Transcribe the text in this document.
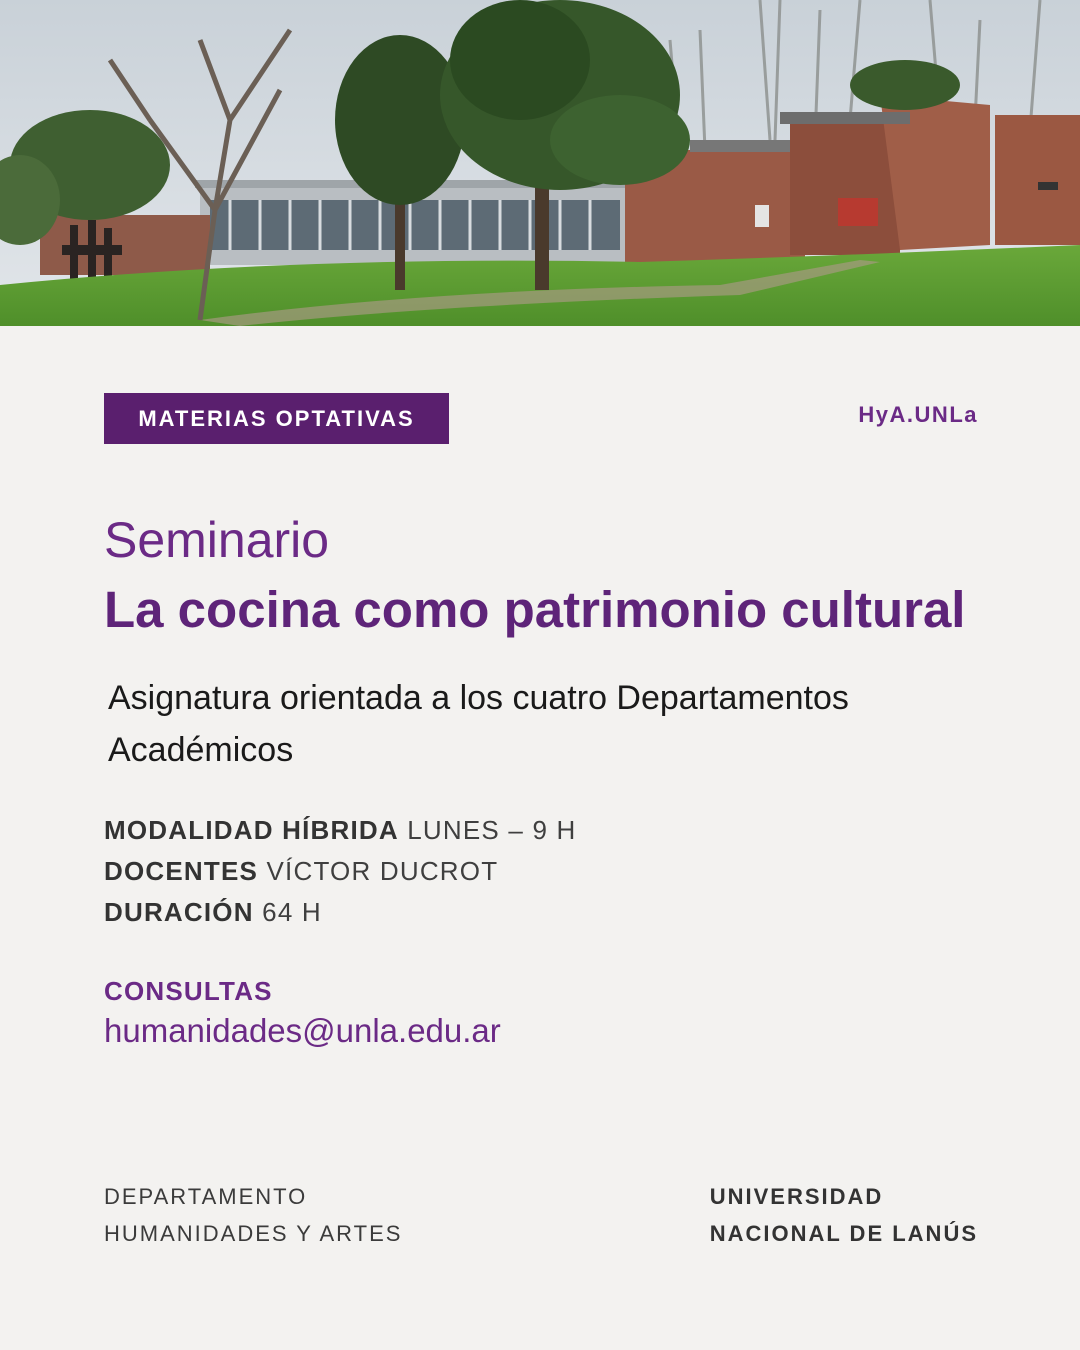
MATERIAS OPTATIVAS	HyA.UNLa
Seminario
La cocina como patrimonio cultural
Asignatura orientada a los cuatro Departamentos Académicos
MODALIDAD HÍBRIDA LUNES – 9 H
DOCENTES VÍCTOR DUCROT
DURACIÓN 64 H
CONSULTAS
humanidades@unla.edu.ar
DEPARTAMENTO
HUMANIDADES Y ARTES
UNIVERSIDAD
NACIONAL DE LANÚS
